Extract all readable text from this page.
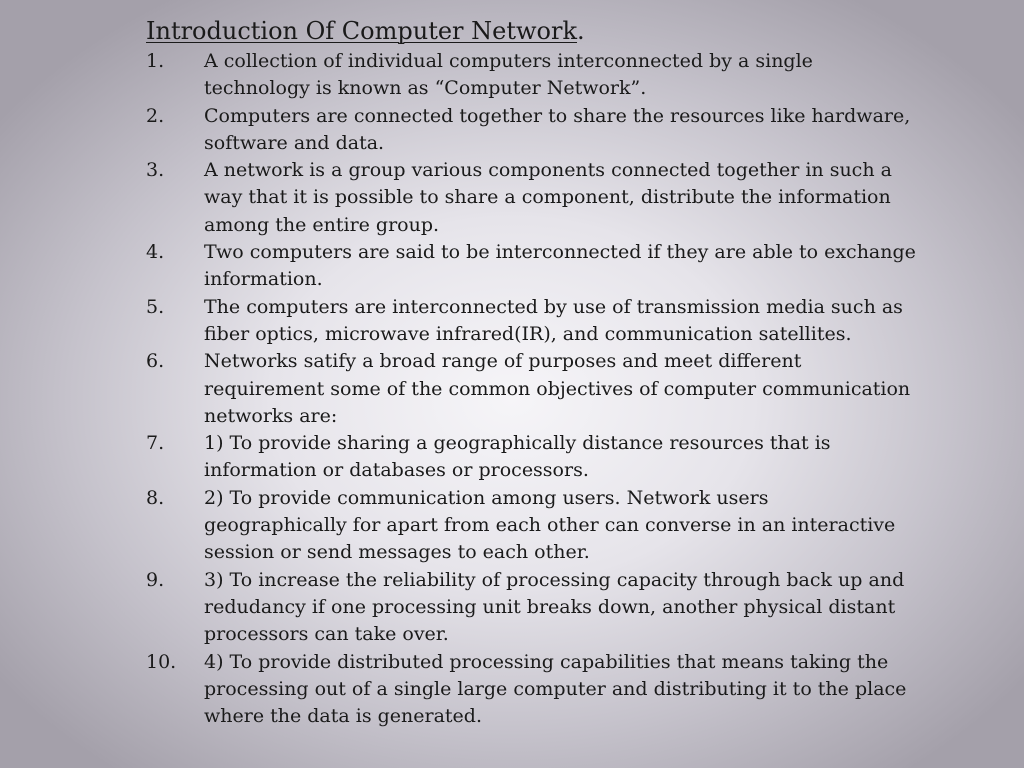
Introduction Of Computer Network.
1.	A collection of individual computers interconnected by a single technology is known as “Computer Network”.
2.	Computers are connected together to share the resources like hardware, software and data.
3.	A network is a group various components connected together in such a way that it is possible to share a component, distribute the information among the entire group.
4.	Two computers are said to be interconnected if they are able to exchange information.
5.	The computers are interconnected by use of transmission media such as fiber optics, microwave infrared(IR), and communication satellites.
6.	Networks satify a broad range of purposes and meet different requirement some of the common objectives of computer communication networks are:
7.	1) To provide sharing a geographically distance resources that is information or databases or processors.
8.	2) To provide communication among users. Network users geographically for apart from each other can converse in an interactive session or send messages to each other.
9.	3) To increase the reliability of processing capacity through back up and redudancy if one processing unit breaks down, another physical distant processors can take over.
10.	4) To provide distributed processing capabilities that means taking the processing out of a single large computer and distributing it to the place where the data is generated.
